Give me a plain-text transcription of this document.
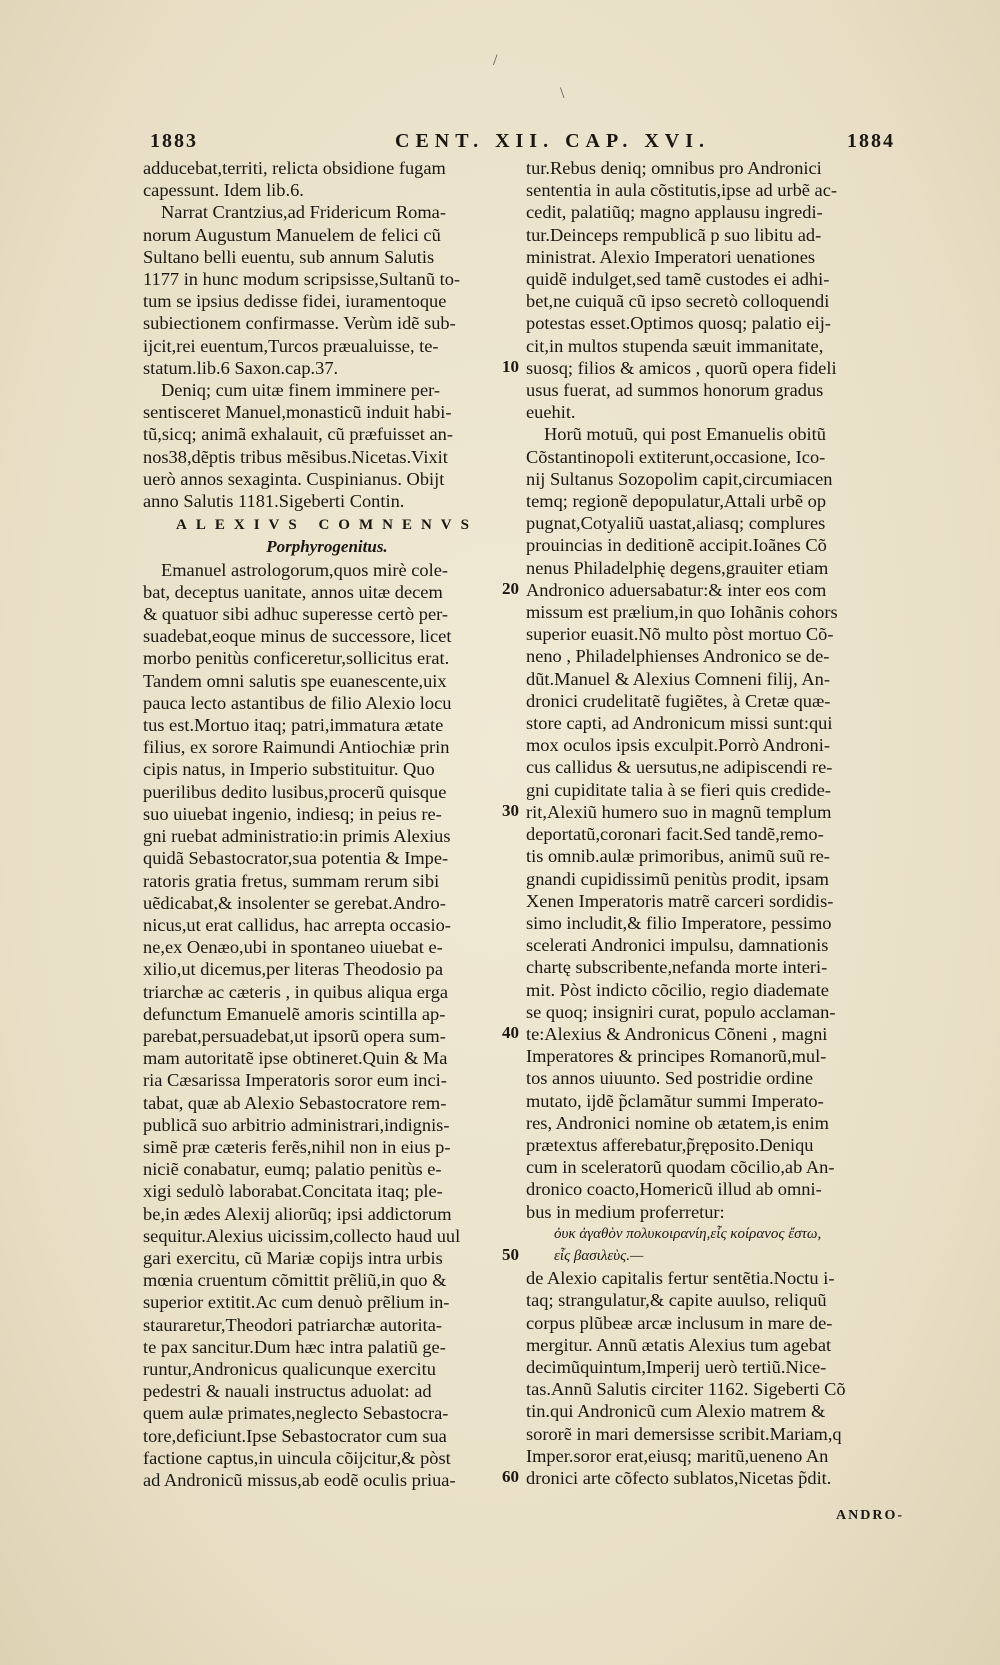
1883	CENT. XII. CAP. XVI.	1884
adducebat,territi, relicta obsidione fugam
capessunt. Idem lib.6.
Narrat Crantzius,ad Fridericum Roma-
norum Augustum Manuelem de felici cũ
Sultano belli euentu, sub annum Salutis
1177 in hunc modum scripsisse,Sultanũ to-
tum se ipsius dedisse fidei, iuramentoque
subiectionem confirmasse. Verùm idẽ sub-
ijcit,rei euentum,Turcos præualuisse, te-
statum.lib.6 Saxon.cap.37.
Deniq; cum uitæ finem imminere per-
sentisceret Manuel,monasticũ induit habi-
tũ,sicq; animã exhalauit, cũ præfuisset an-
nos38,dẽptis tribus mẽsibus.Nicetas.Vixit
uerò annos sexaginta. Cuspinianus. Obijt
anno Salutis 1181.Sigeberti Contin.
ALEXIVS COMNENVS
Porphyrogenitus.
Emanuel astrologorum,quos mirè cole-
bat, deceptus uanitate, annos uitæ decem
& quatuor sibi adhuc superesse certò per-
suadebat,eoque minus de successore, licet
morbo penitùs conficeretur,sollicitus erat.
Tandem omni salutis spe euanescente,uix
pauca lecto astantibus de filio Alexio locu
tus est.Mortuo itaq; patri,immatura ætate
filius, ex sorore Raimundi Antiochiæ prin
cipis natus, in Imperio substituitur. Quo
puerilibus dedito lusibus,procerũ quisque
suo uiuebat ingenio, indiesq; in peius re-
gni ruebat administratio:in primis Alexius
quidã Sebastocrator,sua potentia & Impe-
ratoris gratia fretus, summam rerum sibi
uẽdicabat,& insolenter se gerebat.Andro-
nicus,ut erat callidus, hac arrepta occasio-
ne,ex Oenæo,ubi in spontaneo uiuebat e-
xilio,ut dicemus,per literas Theodosio pa
triarchæ ac cæteris , in quibus aliqua erga
defunctum Emanuelẽ amoris scintilla ap-
parebat,persuadebat,ut ipsorũ opera sum-
mam autoritatẽ ipse obtineret.Quin & Ma
ria Cæsarissa Imperatoris soror eum inci-
tabat, quæ ab Alexio Sebastocratore rem-
publicã suo arbitrio administrari,indignis-
simẽ præ cæteris ferẽs,nihil non in eius p-
niciẽ conabatur, eumq; palatio penitùs e-
xigi sedulò laborabat.Concitata itaq; ple-
be,in ædes Alexij aliorũq; ipsi addictorum
sequitur.Alexius uicissim,collecto haud uul
gari exercitu, cũ Mariæ copijs intra urbis
mœnia cruentum cõmittit prẽliũ,in quo &
superior extitit.Ac cum denuò prẽlium in-
staurаretur,Theodori patriarchæ autorita-
te pax sancitur.Dum hæc intra palatiũ ge-
runtur,Andronicus qualicunque exercitu
pedestri & nauali instructus aduolat: ad
quem aulæ primates,neglecto Sebastocra-
tore,deficiunt.Ipse Sebastocrator cum sua
factione captus,in uincula cõijcitur,& pòst
ad Andronicũ missus,ab eodẽ oculis priua-
10
20
30
40
50
60
tur.Rebus deniq; omnibus pro Andronici
sententia in aula cõstitutis,ipse ad urbẽ ac-
cedit, palatiũq; magno applausu ingredi-
tur.Deinceps rempublicã p suo libitu ad-
ministrat. Alexio Imperatori uenationes
quidẽ indulget,sed tamẽ custodes ei adhi-
bet,ne cuiquã cũ ipso secretò colloquendi
potestas esset.Optimos quosq; palatio eij-
cit,in multos stupenda sæuit immanitate,
suosq; filios & amicos , quorũ opera fideli
usus fuerat, ad summos honorum gradus
euehit.
Horũ motuũ, qui post Emanuelis obitũ
Cõstantinopoli extiterunt,occasione, Ico-
nij Sultanus Sozopolim capit,circumiacen
temq; regionẽ depopulatur,Attali urbẽ op
pugnat,Cotyaliũ uastat,aliasq; complures
prouincias in deditionẽ accipit.Ioãnes Cõ
nenus Philadelphię degens,grauiter etiam
Andronico aduersabatur:& inter eos com
missum est prælium,in quo Iohãnis cohors
superior euasit.Nõ multo pòst mortuo Cõ-
neno , Philadelphienses Andronico se de-
dũt.Manuel & Alexius Comneni filij, An-
dronici crudelitatẽ fugiẽtes, à Cretæ quæ-
store capti, ad Andronicum missi sunt:qui
mox oculos ipsis exculpit.Porrò Androni-
cus callidus & uersutus,ne adipiscendi re-
gni cupiditate talia à se fieri quis credide-
rit,Alexiũ humero suo in magnũ templum
deportatũ,coronari facit.Sed tandẽ,remo-
tis omnib.aulæ primoribus, animũ suũ re-
gnandi cupidissimũ penitùs prodit, ipsam
Xenen Imperatoris matrẽ carceri sordidis-
simo includit,& filio Imperatore, pessimo
scelerati Andronici impulsu, damnationis
chartę subscribente,nefanda morte interi-
mit. Pòst indicto cõcilio, regio diademate
se quoq; insigniri curat, populo acclaman-
te:Alexius & Andronicus Cõneni , magni
Imperatores & principes Romanorũ,mul-
tos annos uiuunto. Sed postridie ordine
mutato, ijdẽ p̃clamãtur summi Imperato-
res, Andronici nomine ob ætatem,is enim
prætextus afferebatur,p̃ręposito.Deniqu
cum in sceleratorũ quodam cõcilio,ab An-
dronico coacto,Homericũ illud ab omni-
bus in medium proferretur:
ὀυκ ἀγαθὸν πολυκοιρανίη,εἷς κοίρανος ἔστω,
εἷς βασιλεὺς.—
de Alexio capitalis fertur sentẽtia.Noctu i-
taq; strangulatur,& capite auulso, reliquũ
corpus plũbeæ arcæ inclusum in mare de-
mergitur. Annũ ætatis Alexius tum agebat
decimũquintum,Imperij uerò tertiũ.Nice-
tas.Annũ Salutis circiter 1162. Sigeberti Cõ
tin.qui Andronicũ cum Alexio matrem &
sororẽ in mari demersisse scribit.Mariam,q
Imper.soror erat,eiusq; maritũ,ueneno An
dronici arte cõfecto sublatos,Nicetas p̃dit.
ANDRO-
/
\
